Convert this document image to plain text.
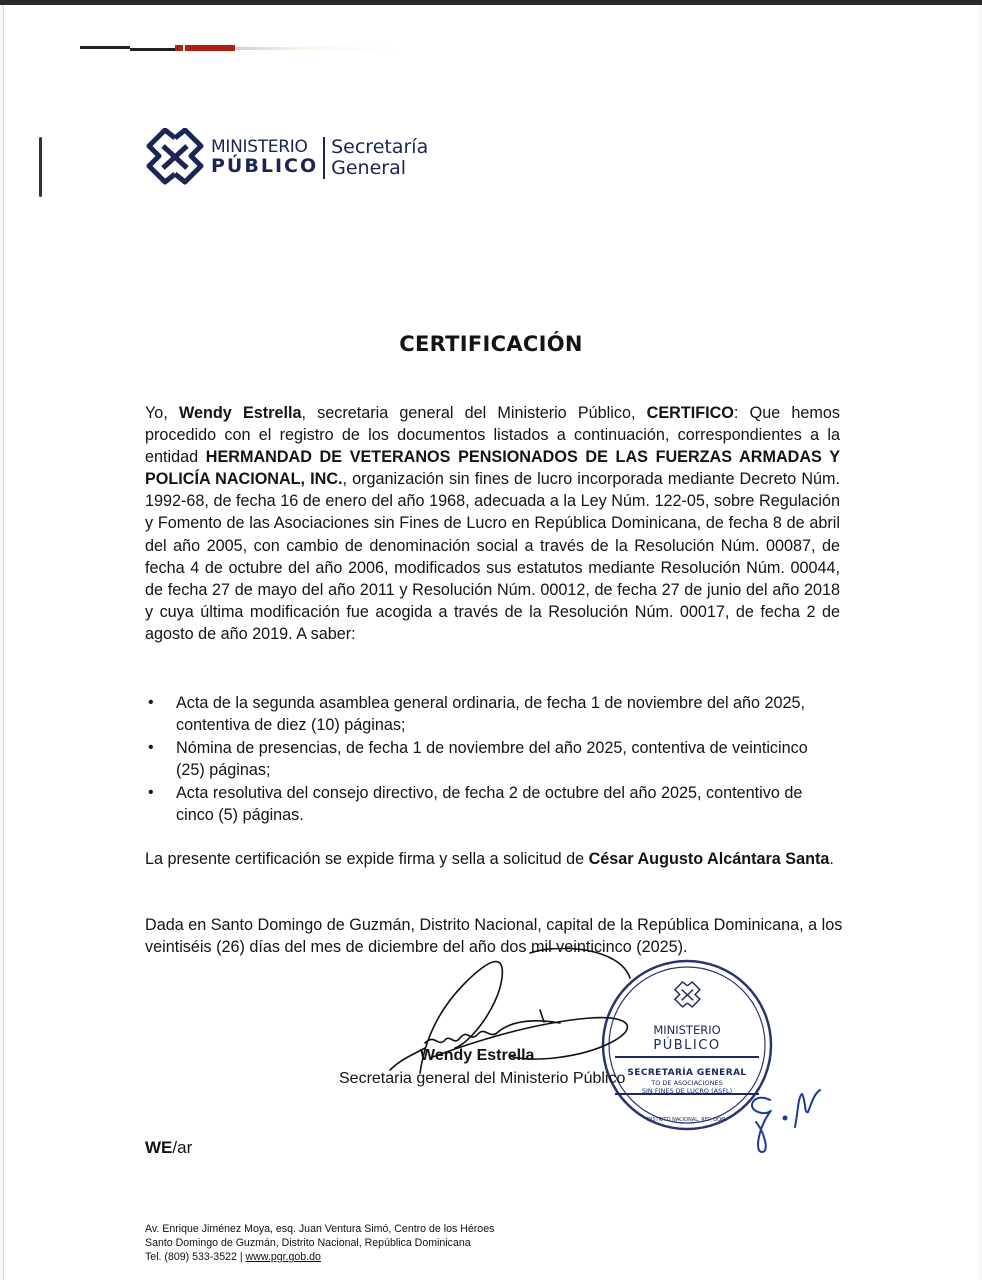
MINISTERIO
PÚBLICO
Secretaría
General
CERTIFICACIÓN

Yo, Wendy Estrella, secretaria general del Ministerio Público, CERTIFICO: Que hemos procedido con el registro de los documentos listados a continuación, correspondientes a la entidad HERMANDAD DE VETERANOS PENSIONADOS DE LAS FUERZAS ARMADAS Y POLICÍA NACIONAL, INC., organización sin fines de lucro incorporada mediante Decreto Núm. 1992-68, de fecha 16 de enero del año 1968, adecuada a la Ley Núm. 122-05, sobre Regulación y Fomento de las Asociaciones sin Fines de Lucro en República Dominicana, de fecha 8 de abril del año 2005, con cambio de denominación social a través de la Resolución Núm. 00087, de fecha 4 de octubre del año 2006, modificados sus estatutos mediante Resolución Núm. 00044, de fecha 27 de mayo del año 2011 y Resolución Núm. 00012, de fecha 27 de junio del año 2018 y cuya última modificación fue acogida a través de la Resolución Núm. 00017, de fecha 2 de agosto de año 2019. A saber:

• Acta de la segunda asamblea general ordinaria, de fecha 1 de noviembre del año 2025, contentiva de diez (10) páginas;
• Nómina de presencias, de fecha 1 de noviembre del año 2025, contentiva de veinticinco (25) páginas;
• Acta resolutiva del consejo directivo, de fecha 2 de octubre del año 2025, contentivo de cinco (5) páginas.
La presente certificación se expide firma y sella a solicitud de César Augusto Alcántara Santa.
Dada en Santo Domingo de Guzmán, Distrito Nacional, capital de la República Dominicana, a los veintiséis (26) días del mes de diciembre del año dos mil veinticinco (2025).
MINISTERIO
PÚBLICO
SECRETARÍA GENERAL
TO DE ASOCIACIONES
SIN FINES DE LUCRO (ASFL)
DISTRITO NACIONAL, REP. DOM.
Wendy Estrella
Secretaria general del Ministerio Público
WE/ar
Av. Enrique Jiménez Moya, esq. Juan Ventura Simó, Centro de los Héroes
Santo Domingo de Guzmán, Distrito Nacional, República Dominicana
Tel. (809) 533-3522 | www.pgr.gob.do
